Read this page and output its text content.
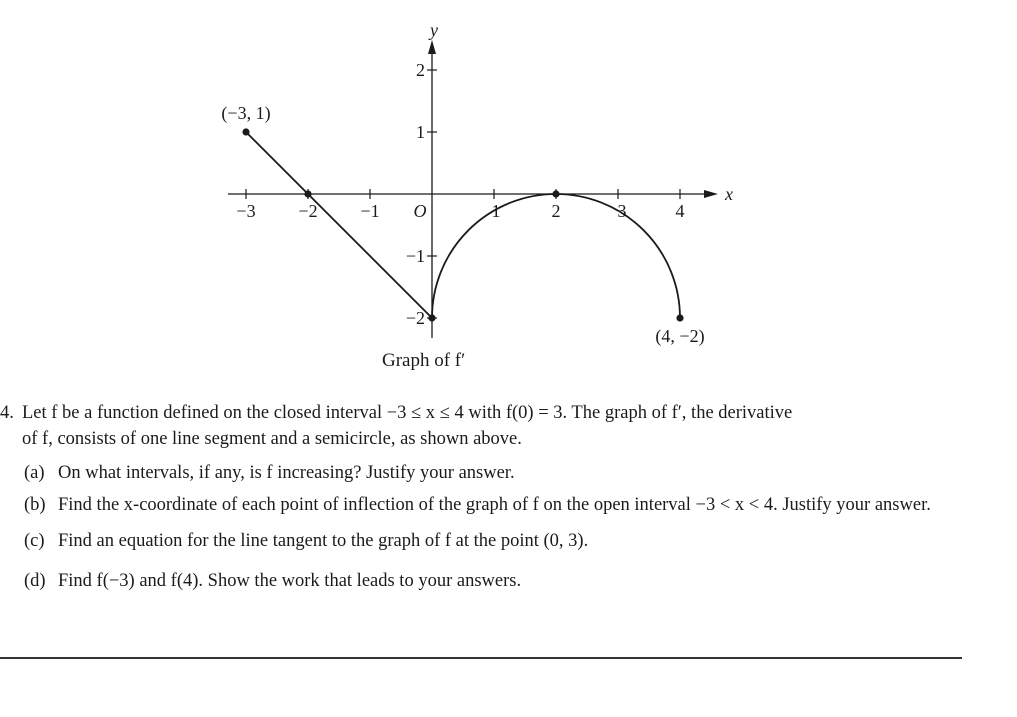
x
y
−3 −2 −1 O	1	2	3	4
2
1
−1
−2
(−3, 1)
(4, −2)
Graph of f′
4. Let f be a function defined on the closed interval −3 ≤ x ≤ 4 with f(0) = 3. The graph of f′, the derivative
of f, consists of one line segment and a semicircle, as shown above.
(a) On what intervals, if any, is f increasing? Justify your answer.
(b) Find the x-coordinate of each point of inflection of the graph of f on the open interval −3 < x < 4. Justify your answer.
(c) Find an equation for the line tangent to the graph of f at the point (0, 3).
(d) Find f(−3) and f(4). Show the work that leads to your answers.
